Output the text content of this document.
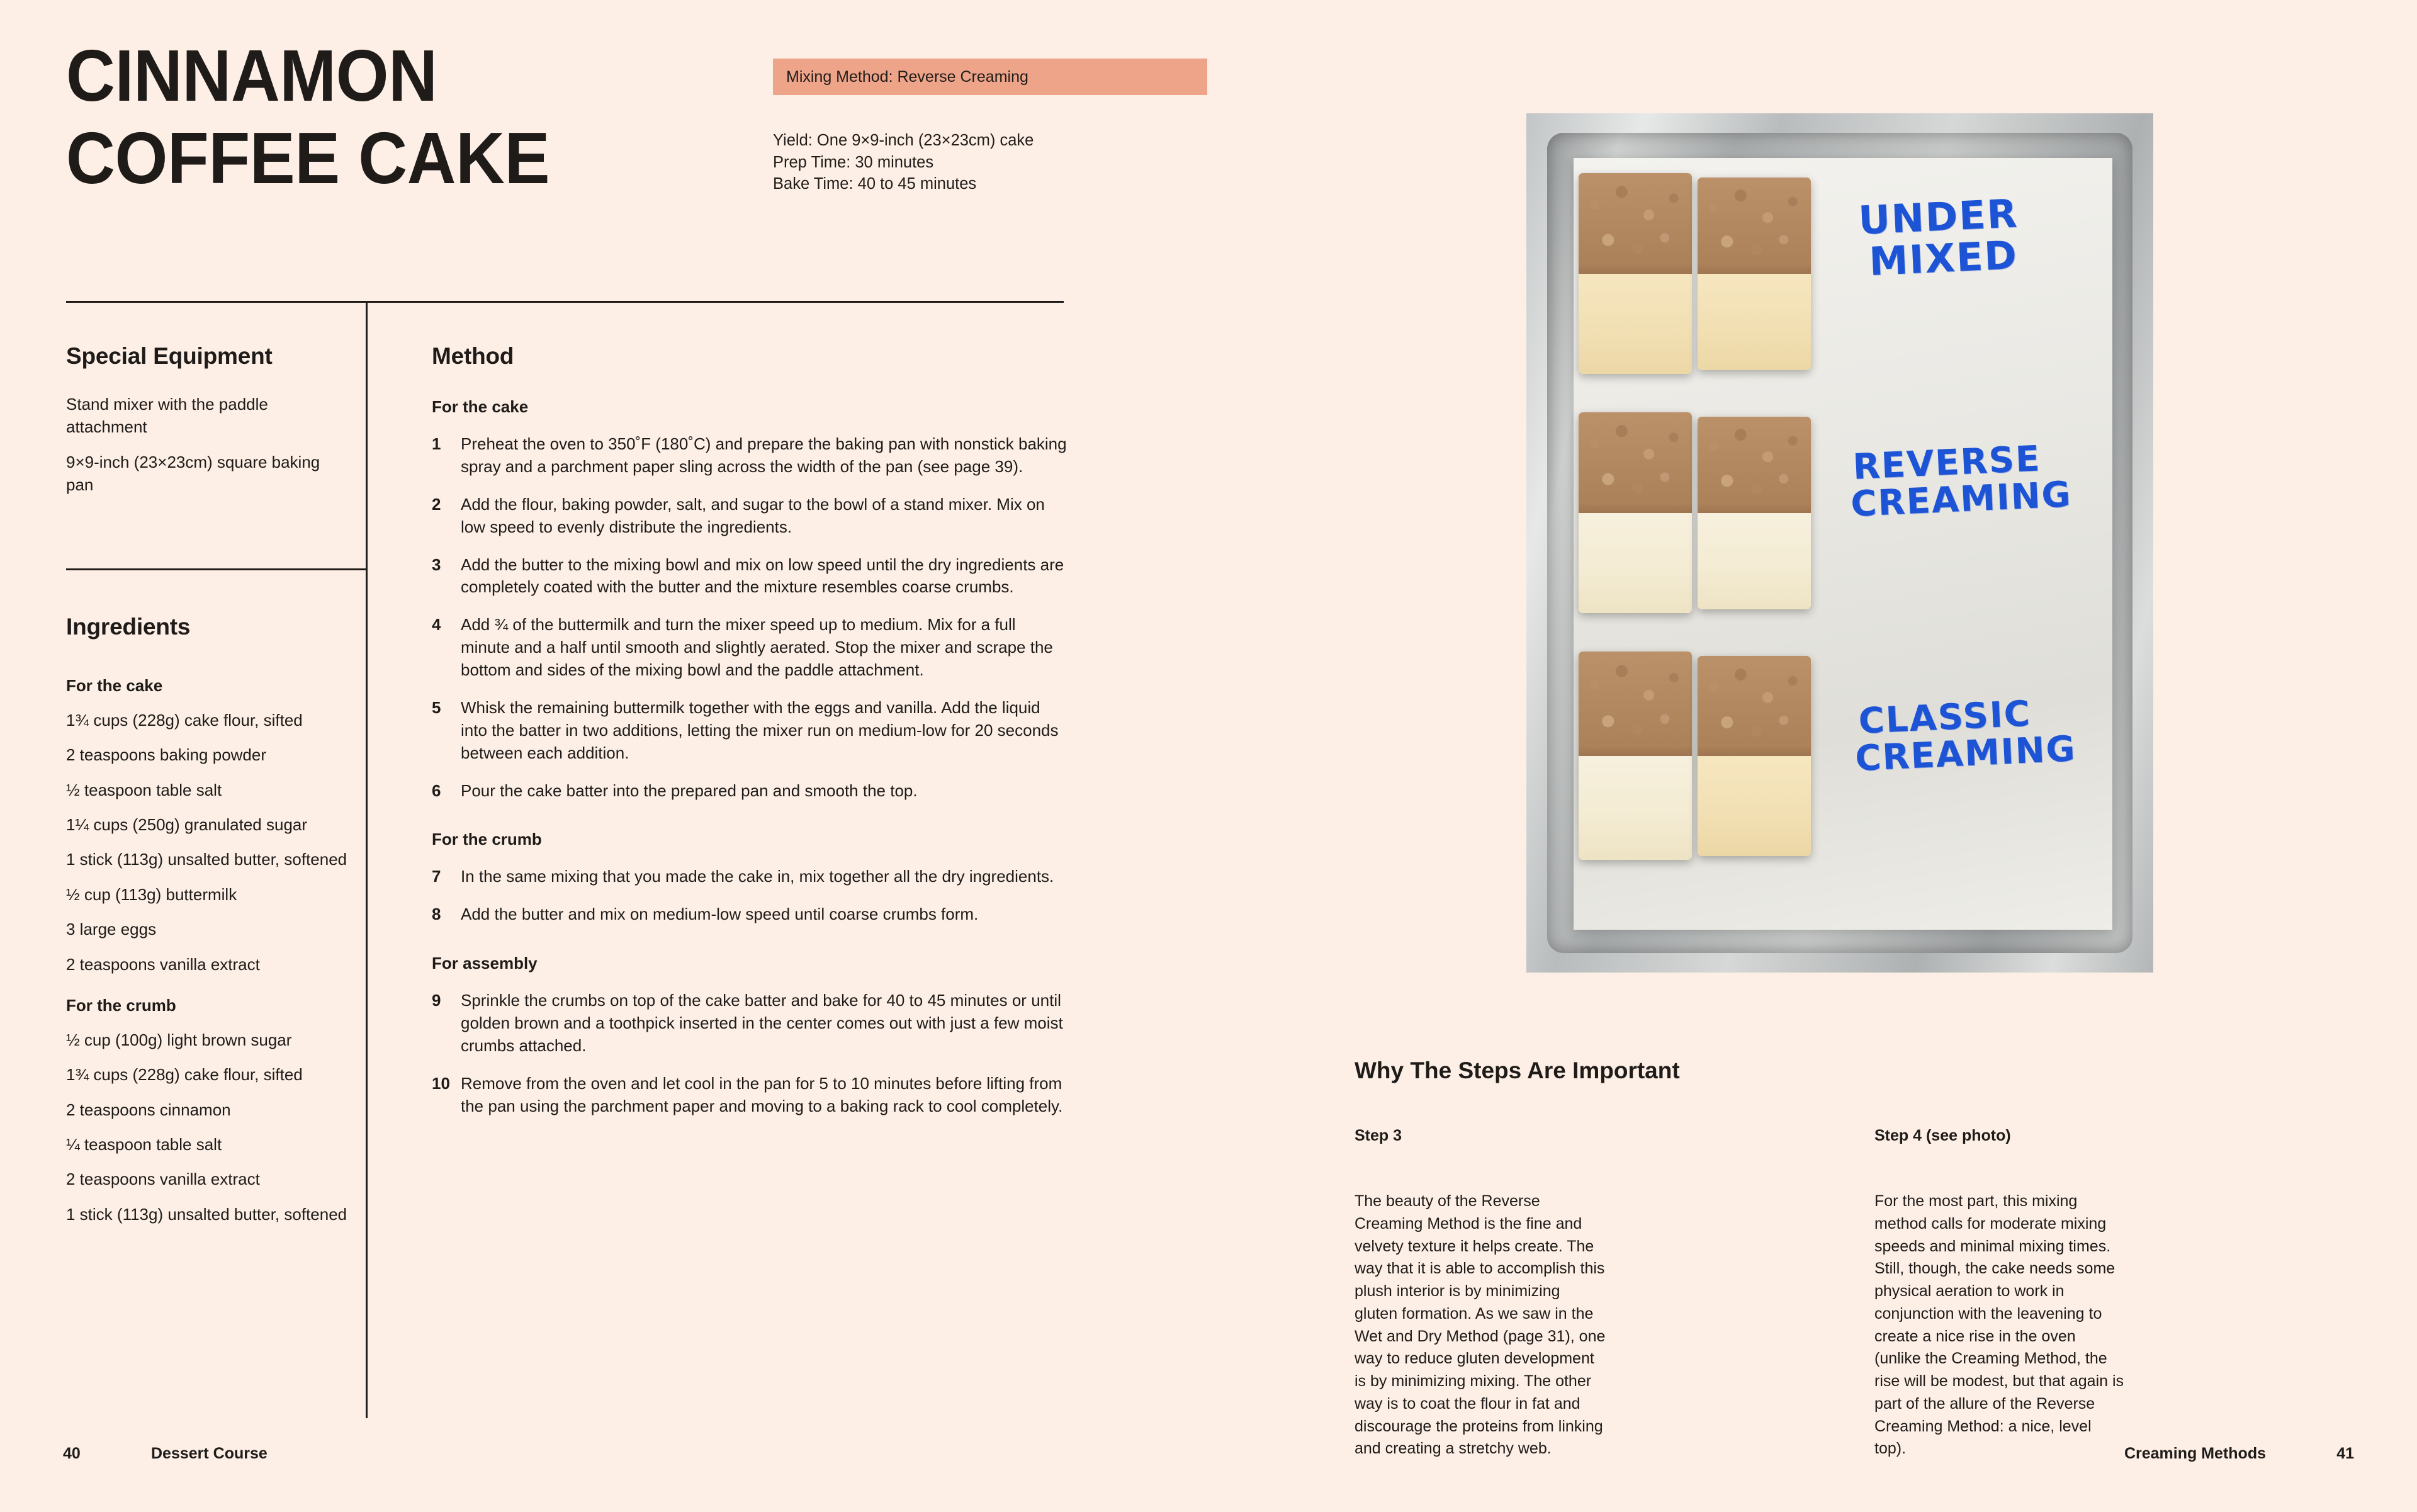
CINNAMON
COFFEE CAKE
Mixing Method: Reverse Creaming
Yield: One 9×9-inch (23×23cm) cake
Prep Time: 30 minutes
Bake Time: 40 to 45 minutes
Special Equipment

Stand mixer with the paddle attachment

9×9-inch (23×23cm) square baking pan

Ingredients

For the cake

1¾ cups (228g) cake flour, sifted
2 teaspoons baking powder
½ teaspoon table salt
1¼ cups (250g) granulated sugar
1 stick (113g) unsalted butter, softened
½ cup (113g) buttermilk
3 large eggs
2 teaspoons vanilla extract

For the crumb

½ cup (100g) light brown sugar
1¾ cups (228g) cake flour, sifted
2 teaspoons cinnamon
¼ teaspoon table salt
2 teaspoons vanilla extract
1 stick (113g) unsalted butter, softened
Method

For the cake

1	Preheat the oven to 350˚F (180˚C) and prepare the baking pan with nonstick baking spray and a parchment paper sling across the width of the pan (see page 39).
2	Add the flour, baking powder, salt, and sugar to the bowl of a stand mixer. Mix on low speed to evenly distribute the ingredients.
3	Add the butter to the mixing bowl and mix on low speed until the dry ingredients are completely coated with the butter and the mixture resembles coarse crumbs.
4	Add ¾ of the buttermilk and turn the mixer speed up to medium. Mix for a full minute and a half until smooth and slightly aerated. Stop the mixer and scrape the bottom and sides of the mixing bowl and the paddle attachment.
5	Whisk the remaining buttermilk together with the eggs and vanilla. Add the liquid into the batter in two additions, letting the mixer run on medium-low for 20 seconds between each addition.
6	Pour the cake batter into the prepared pan and smooth the top.

For the crumb

7	In the same mixing that you made the cake in, mix together all the dry ingredients.
8	Add the butter and mix on medium-low speed until coarse crumbs form.

For assembly

9	Sprinkle the crumbs on top of the cake batter and bake for 40 to 45 minutes or until golden brown and a toothpick inserted in the center comes out with just a few moist crumbs attached.
10 Remove from the oven and let cool in the pan for 5 to 10 minutes before lifting from the pan using the parchment paper and moving to a baking rack to cool completely.
40	Dessert Course
UNDER
MIXED
REVERSE
CREAMING
CLASSIC
CREAMING
Why The Steps Are Important
Step 3

The beauty of the Reverse Creaming Method is the fine and velvety texture it helps create. The way that it is able to accomplish this plush interior is by minimizing gluten formation. As we saw in the Wet and Dry Method (page 31), one way to reduce gluten development is by minimizing mixing. The other way is to coat the flour in fat and discourage the proteins from linking and creating a stretchy web.

Step 4 (see photo)

For the most part, this mixing method calls for moderate mixing speeds and minimal mixing times. Still, though, the cake needs some physical aeration to work in conjunction with the leavening to create a nice rise in the oven (unlike the Creaming Method, the rise will be modest, but that again is part of the allure of the Reverse Creaming Method: a nice, level top).	Creaming Methods	41
